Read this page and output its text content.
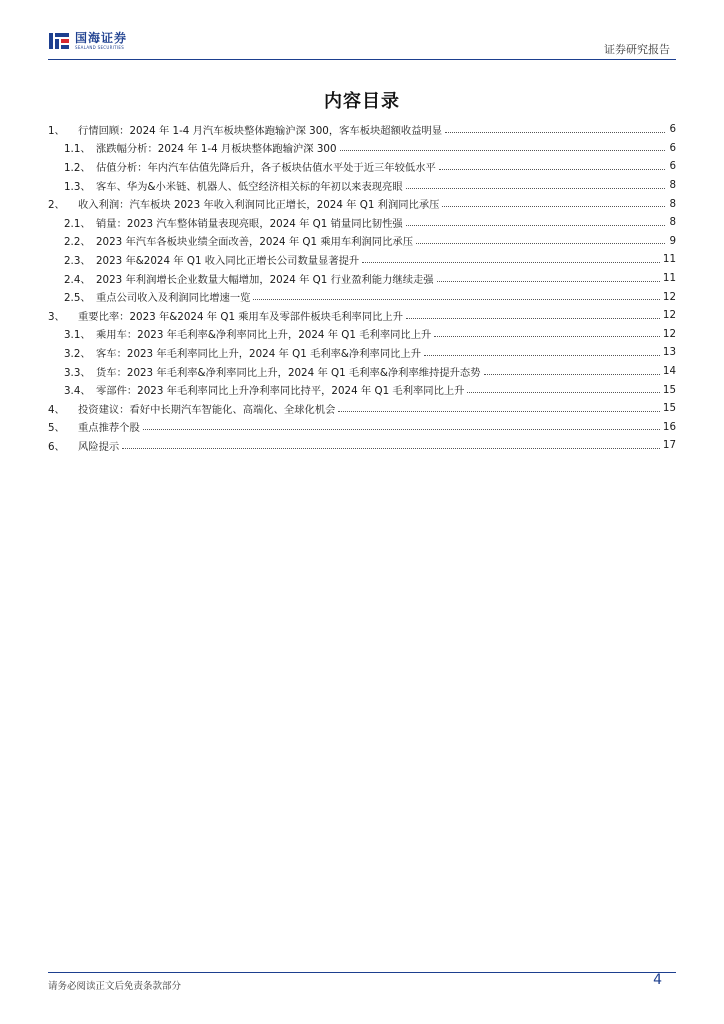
国海证券
SEALAND SECURITIES	证券研究报告
内容目录
1、	行情回顾：2024 年 1-4 月汽车板块整体跑输沪深 300，客车板块超额收益明显	6
1.1、 涨跌幅分析：2024 年 1-4 月板块整体跑输沪深 300	6
1.2、 估值分析：年内汽车估值先降后升，各子板块估值水平处于近三年较低水平	6
1.3、 客车、华为&小米链、机器人、低空经济相关标的年初以来表现亮眼	8
2、	收入利润：汽车板块 2023 年收入利润同比正增长，2024 年 Q1 利润同比承压	8
2.1、 销量：2023 汽车整体销量表现亮眼，2024 年 Q1 销量同比韧性强	8
2.2、 2023 年汽车各板块业绩全面改善，2024 年 Q1 乘用车利润同比承压	9
2.3、 2023 年&2024 年 Q1 收入同比正增长公司数量显著提升	11
2.4、 2023 年利润增长企业数量大幅增加，2024 年 Q1 行业盈利能力继续走强	11
2.5、 重点公司收入及利润同比增速一览	12
3、	重要比率：2023 年&2024 年 Q1 乘用车及零部件板块毛利率同比上升	12
3.1、 乘用车：2023 年毛利率&净利率同比上升，2024 年 Q1 毛利率同比上升	12
3.2、 客车：2023 年毛利率同比上升，2024 年 Q1 毛利率&净利率同比上升	13
3.3、 货车：2023 年毛利率&净利率同比上升，2024 年 Q1 毛利率&净利率维持提升态势	14
3.4、 零部件：2023 年毛利率同比上升净利率同比持平，2024 年 Q1 毛利率同比上升	15
4、	投资建议：看好中长期汽车智能化、高端化、全球化机会	15
5、	重点推荐个股	16
6、	风险提示	17
请务必阅读正文后免责条款部分	4
